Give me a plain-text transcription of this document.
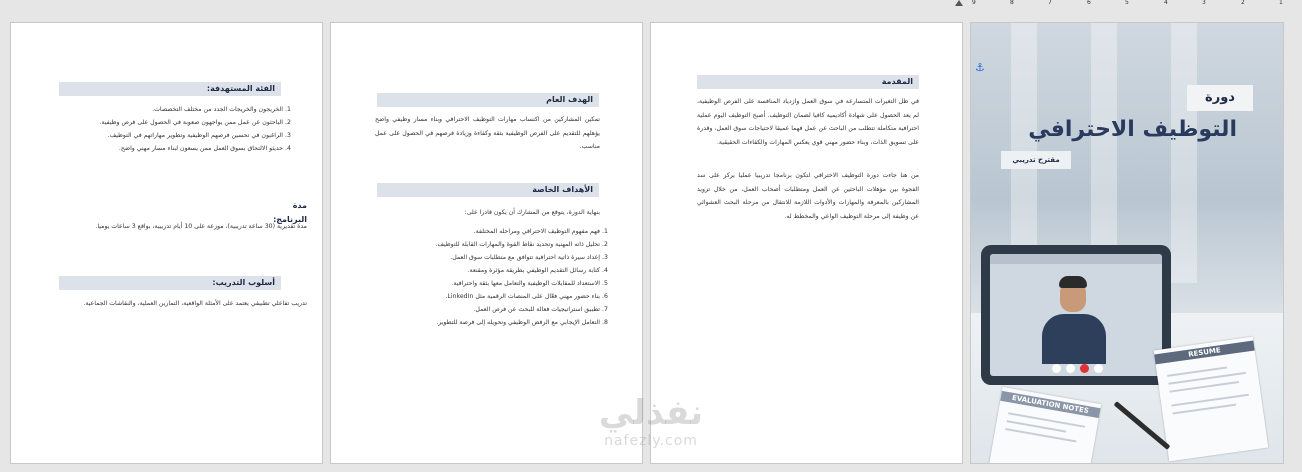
9	8	7	6	5	4	3	2	1
الفئة المستهدفة:
1. الخريجون والخريجات الجدد من مختلف التخصصات.
2. الباحثون عن عمل ممن يواجهون صعوبة في الحصول على فرص وظيفية.
3. الراغبون في تحسين فرصهم الوظيفية وتطوير مهاراتهم في التوظيف.
4. حديثو الالتحاق بسوق العمل ممن يسعون لبناء مسار مهني واضح.
مدة البرنامج:
مدة تقديرية (30 ساعة تدريبية)، موزعة على 10 أيام تدريبية، بواقع 3 ساعات يوميا.
أسلوب التدريب:
تدريب تفاعلي تطبيقي يعتمد على الأمثلة الواقعية، التمارين العملية، والنقاشات الجماعية.
الهدف العام
تمكين المشاركين من اكتساب مهارات التوظيف الاحترافي وبناء مسار وظيفي واضح يؤهلهم للتقديم على الفرص الوظيفية بثقة وكفاءة وزيادة فرصهم في الحصول على عمل مناسب.
الأهداف الخاصة
بنهاية الدورة، يتوقع من المشارك أن يكون قادرا على:
1. فهم مفهوم التوظيف الاحترافي ومراحله المختلفة.
2. تحليل ذاته المهنية وتحديد نقاط القوة والمهارات القابلة للتوظيف.
3. إعداد سيرة ذاتية احترافية تتوافق مع متطلبات سوق العمل.
4. كتابة رسائل التقديم الوظيفي بطريقة مؤثرة ومقنعة.
5. الاستعداد للمقابلات الوظيفية والتعامل معها بثقة واحترافية.
6. بناء حضور مهني فعّال على المنصات الرقمية مثل LinkedIn.
7. تطبيق استراتيجيات فعالة للبحث عن فرص العمل.
8. التعامل الإيجابي مع الرفض الوظيفي وتحويله إلى فرصة للتطوير.
المقدمة
في ظل التغيرات المتسارعة في سوق العمل وازدياد المنافسة على الفرص الوظيفية، لم يعد الحصول على شهادة أكاديمية كافيا لضمان التوظيف. أصبح التوظيف اليوم عملية احترافية متكاملة تتطلب من الباحث عن عمل فهما عميقا لاحتياجات سوق العمل، وقدرة على تسويق الذات، وبناء حضور مهني قوي يعكس المهارات والكفاءات الحقيقية.
من هنا جاءت دورة التوظيف الاحترافي لتكون برنامجا تدريبيا عمليا يركز على سد الفجوة بين مؤهلات الباحثين عن العمل ومتطلبات أصحاب العمل، من خلال تزويد المشاركين بالمعرفة والمهارات والأدوات اللازمة للانتقال من مرحلة البحث العشوائي عن وظيفة إلى مرحلة التوظيف الواعي والمخطط له.
⚓
دورة
التوظيف الاحترافي
مقترح تدريبي
RESUME
EVALUATION NOTES
نفذلي
nafezly.com
